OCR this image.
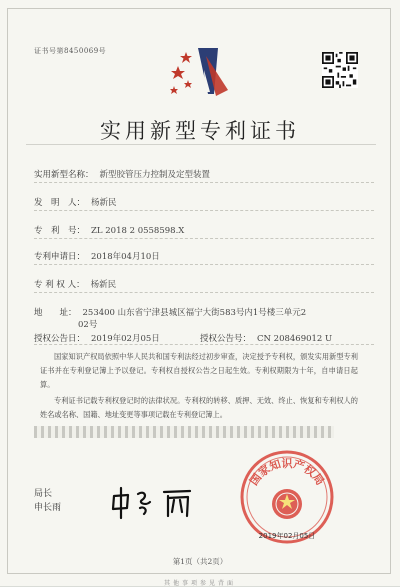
证书号第8450069号
实用新型专利证书
实用新型名称： 新型胶管压力控制及定型装置
发　明　人： 杨新民
专　利　号： ZL 2018 2 0558598.X
专利申请日： 2018年04月10日
专 利 权 人： 杨新民
地　　址： 253400 山东省宁津县城区福宁大街583号内1号楼三单元2
02号
授权公告日： 2019年02月05日	授权公告号： CN 208469012 U
国家知识产权局依照中华人民共和国专利法经过初步审查，决定授予专利权，颁发实用新型专利证书并在专利登记簿上予以登记。专利权自授权公告之日起生效。专利权期限为十年，自申请日起算。
专利证书记载专利权登记时的法律状况。专利权的转移、质押、无效、终止、恢复和专利权人的姓名或名称、国籍、地址变更等事项记载在专利登记簿上。
局长
申长雨
国家知识产权局
2019年02月05日
第1页（共2页）
其他事项参见背面
